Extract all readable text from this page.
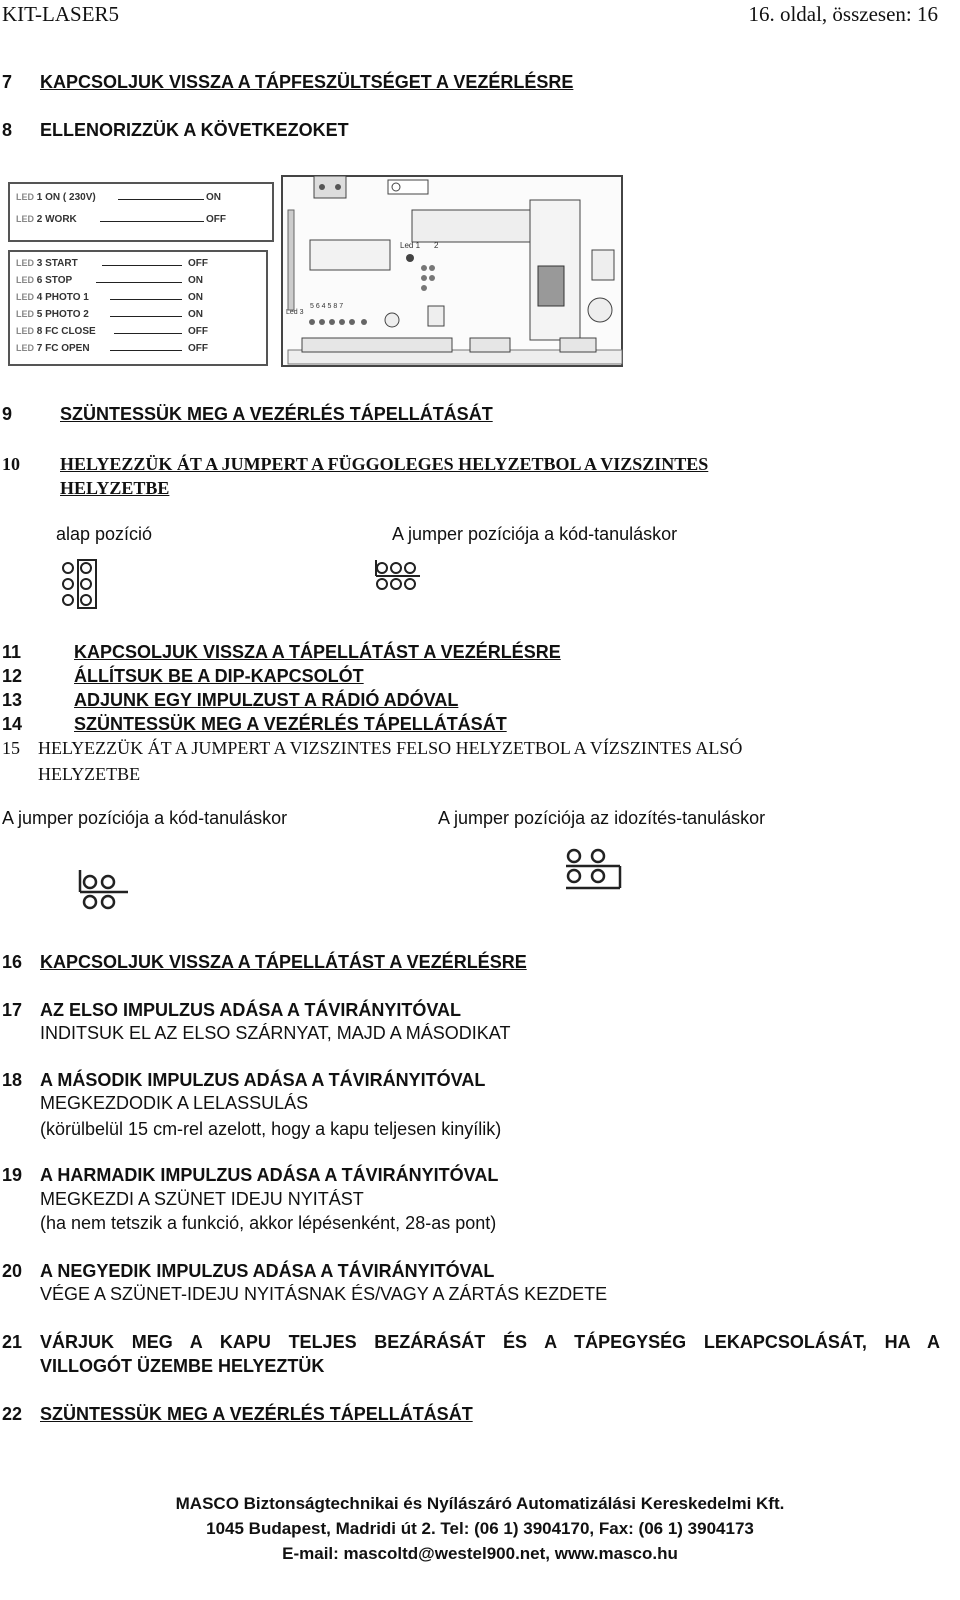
KIT-LASER5	16. oldal, összesen: 16
7 KAPCSOLJUK VISSZA A TÁPFESZÜLTSÉGET A VEZÉRLÉSRE
8 ELLENORIZZÜK A KÖVETKEZOKET
LED 1 ON ( 230V)	ON
LED 2 WORK	OFF
LED 3 START	OFF
LED 6 STOP	ON
LED 4 PHOTO 1	ON
LED 5 PHOTO 2	ON
LED 8 FC CLOSE	OFF
LED 7 FC OPEN	OFF
Led 1 2
Led 3
5 6 4 5 8 7
9	SZÜNTESSÜK MEG A VEZÉRLÉS TÁPELLÁTÁSÁT
10 HELYEZZÜK ÁT A JUMPERT A FÜGGOLEGES HELYZETBOL A VIZSZINTES
HELYZETBE
alap pozíció	A jumper pozíciója a kód-tanuláskor
11	KAPCSOLJUK VISSZA A TÁPELLÁTÁST A VEZÉRLÉSRE
12	ÁLLÍTSUK BE A DIP-KAPCSOLÓT
13	ADJUNK EGY IMPULZUST A RÁDIÓ ADÓVAL
14	SZÜNTESSÜK MEG A VEZÉRLÉS TÁPELLÁTÁSÁT
15 HELYEZZÜK ÁT A JUMPERT A VIZSZINTES FELSO HELYZETBOL A VÍZSZINTES ALSÓ
HELYZETBE
A jumper pozíciója a kód-tanuláskor	A jumper pozíciója az idozítés-tanuláskor
16 KAPCSOLJUK VISSZA A TÁPELLÁTÁST A VEZÉRLÉSRE
17 AZ ELSO IMPULZUS ADÁSA A TÁVIRÁNYITÓVAL
INDITSUK EL AZ ELSO SZÁRNYAT, MAJD A MÁSODIKAT
18 A MÁSODIK IMPULZUS ADÁSA A TÁVIRÁNYITÓVAL
MEGKEZDODIK A LELASSULÁS
(körülbelül 15 cm-rel azelott, hogy a kapu teljesen kinyílik)
19 A HARMADIK IMPULZUS ADÁSA A TÁVIRÁNYITÓVAL
MEGKEZDI A SZÜNET IDEJU NYITÁST
(ha nem tetszik a funkció, akkor lépésenként, 28-as pont)
20 A NEGYEDIK IMPULZUS ADÁSA A TÁVIRÁNYITÓVAL
VÉGE A SZÜNET-IDEJU NYITÁSNAK ÉS/VAGY A ZÁRTÁS KEZDETE
21 VÁRJUK MEG A KAPU TELJES BEZÁRÁSÁT ÉS A TÁPEGYSÉG LEKAPCSOLÁSÁT, HA A
VILLOGÓT ÜZEMBE HELYEZTÜK
22 SZÜNTESSÜK MEG A VEZÉRLÉS TÁPELLÁTÁSÁT
MASCO Biztonságtechnikai és Nyílászáró Automatizálási Kereskedelmi Kft.
1045 Budapest, Madridi út 2. Tel: (06 1) 3904170, Fax: (06 1) 3904173
E-mail: mascoltd@westel900.net, www.masco.hu
